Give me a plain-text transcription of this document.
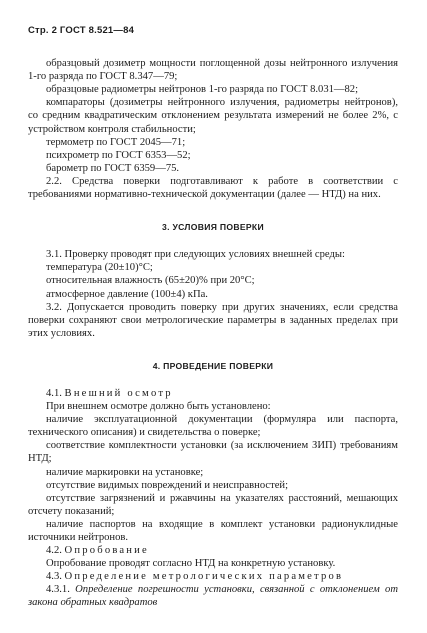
Стр. 2 ГОСТ 8.521—84

образцовый дозиметр мощности поглощенной дозы нейтронного излучения 1-го разряда по ГОСТ 8.347—79;

образцовые радиометры нейтронов 1-го разряда по ГОСТ 8.031—82;

компараторы (дозиметры нейтронного излучения, радиометры нейтронов), со средним квадратическим отклонением результата измерений не более 2%, с устройством контроля стабильности;

термометр по ГОСТ 2045—71;

психрометр по ГОСТ 6353—52;

барометр по ГОСТ 6359—75.

2.2. Средства поверки подготавливают к работе в соответствии с требованиями нормативно-технической документации (далее — НТД) на них.

3. УСЛОВИЯ ПОВЕРКИ

3.1. Проверку проводят при следующих условиях внешней среды:

температура (20±10)°С;

относительная влажность (65±20)% при 20°С;

атмосферное давление (100±4) кПа.

3.2. Допускается проводить поверку при других значениях, если средства поверки сохраняют свои метрологические параметры в заданных пределах при этих условиях.

4. ПРОВЕДЕНИЕ ПОВЕРКИ

4.1. Внешний осмотр

При внешнем осмотре должно быть установлено:

наличие эксплуатационной документации (формуляра или паспорта, технического описания) и свидетельства о поверке;

соответствие комплектности установки (за исключением ЗИП) требованиям НТД;

наличие маркировки на установке;

отсутствие видимых повреждений и неисправностей;

отсутствие загрязнений и ржавчины на указателях расстояний, мешающих отсчету показаний;

наличие паспортов на входящие в комплект установки радионуклидные источники нейтронов.

4.2. Опробование

Опробование проводят согласно НТД на конкретную установку.

4.3. Определение метрологических параметров

4.3.1. Определение погрешности установки, связанной с отклонением от закона обратных квадратов
